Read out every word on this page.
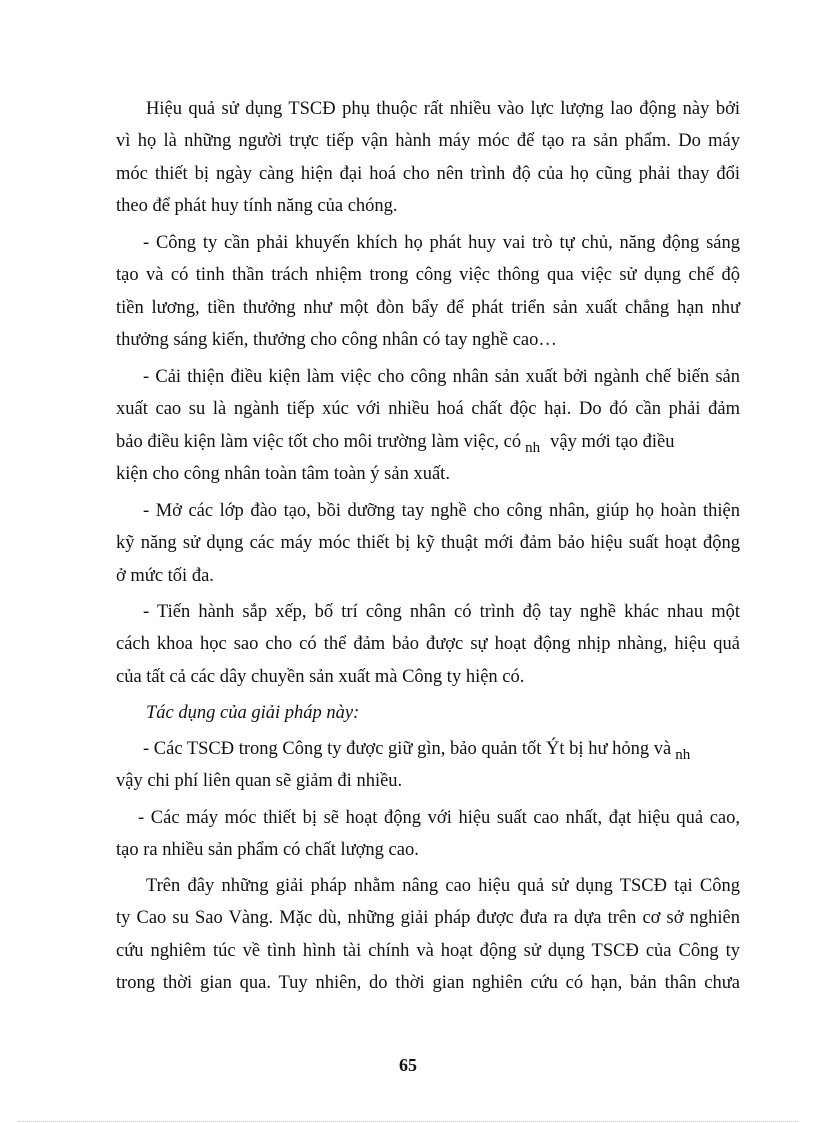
Hiệu quả sử dụng TSCĐ phụ thuộc rất nhiều vào lực lượng lao động này bởi
vì họ là những người trực tiếp vận hành máy móc để tạo ra sản phẩm. Do máy
móc thiết bị ngày càng hiện đại hoá cho nên trình độ của họ cũng phải thay đổi
theo để phát huy tính năng của chóng.
- Công ty cần phải khuyến khích họ phát huy vai trò tự chủ, năng động sáng
tạo và có tinh thần trách nhiệm trong công việc thông qua việc sử dụng chế độ
tiền lương, tiền thưởng như một đòn bẩy để phát triển sản xuất chẳng hạn như
thưởng sáng kiến, thưởng cho công nhân có tay nghề cao…
- Cải thiện điều kiện làm việc cho công nhân sản xuất bởi ngành chế biến sản
xuất cao su là ngành tiếp xúc với nhiều hoá chất độc hại. Do đó cần phải đảm
bảo điều kiện làm việc tốt cho môi trường làm việc, có $_{nh}$ vậy mới tạo điều
kiện cho công nhân toàn tâm toàn ý sản xuất.
- Mở các lớp đào tạo, bồi dưỡng tay nghề cho công nhân, giúp họ hoàn thiện
kỹ năng sử dụng các máy móc thiết bị kỹ thuật mới đảm bảo hiệu suất hoạt động
ở mức tối đa.
- Tiến hành sắp xếp, bố trí công nhân có trình độ tay nghề khác nhau một
cách khoa học sao cho có thể đảm bảo được sự hoạt động nhịp nhàng, hiệu quả
của tất cả các dây chuyền sản xuất mà Công ty hiện có.
Tác dụng của giải pháp này:
- Các TSCĐ trong Công ty được giữ gìn, bảo quản tốt Ýt bị hư hỏng và $_{nh}$
vậy chi phí liên quan sẽ giảm đi nhiều.
- Các máy móc thiết bị sẽ hoạt động với hiệu suất cao nhất, đạt hiệu quả cao,
tạo ra nhiều sản phẩm có chất lượng cao.
Trên đây những giải pháp nhằm nâng cao hiệu quả sử dụng TSCĐ tại Công
ty Cao su Sao Vàng. Mặc dù, những giải pháp được đưa ra dựa trên cơ sở nghiên
cứu nghiêm túc về tình hình tài chính và hoạt động sử dụng TSCĐ của Công ty
trong thời gian qua. Tuy nhiên, do thời gian nghiên cứu có hạn, bản thân chưa
65
